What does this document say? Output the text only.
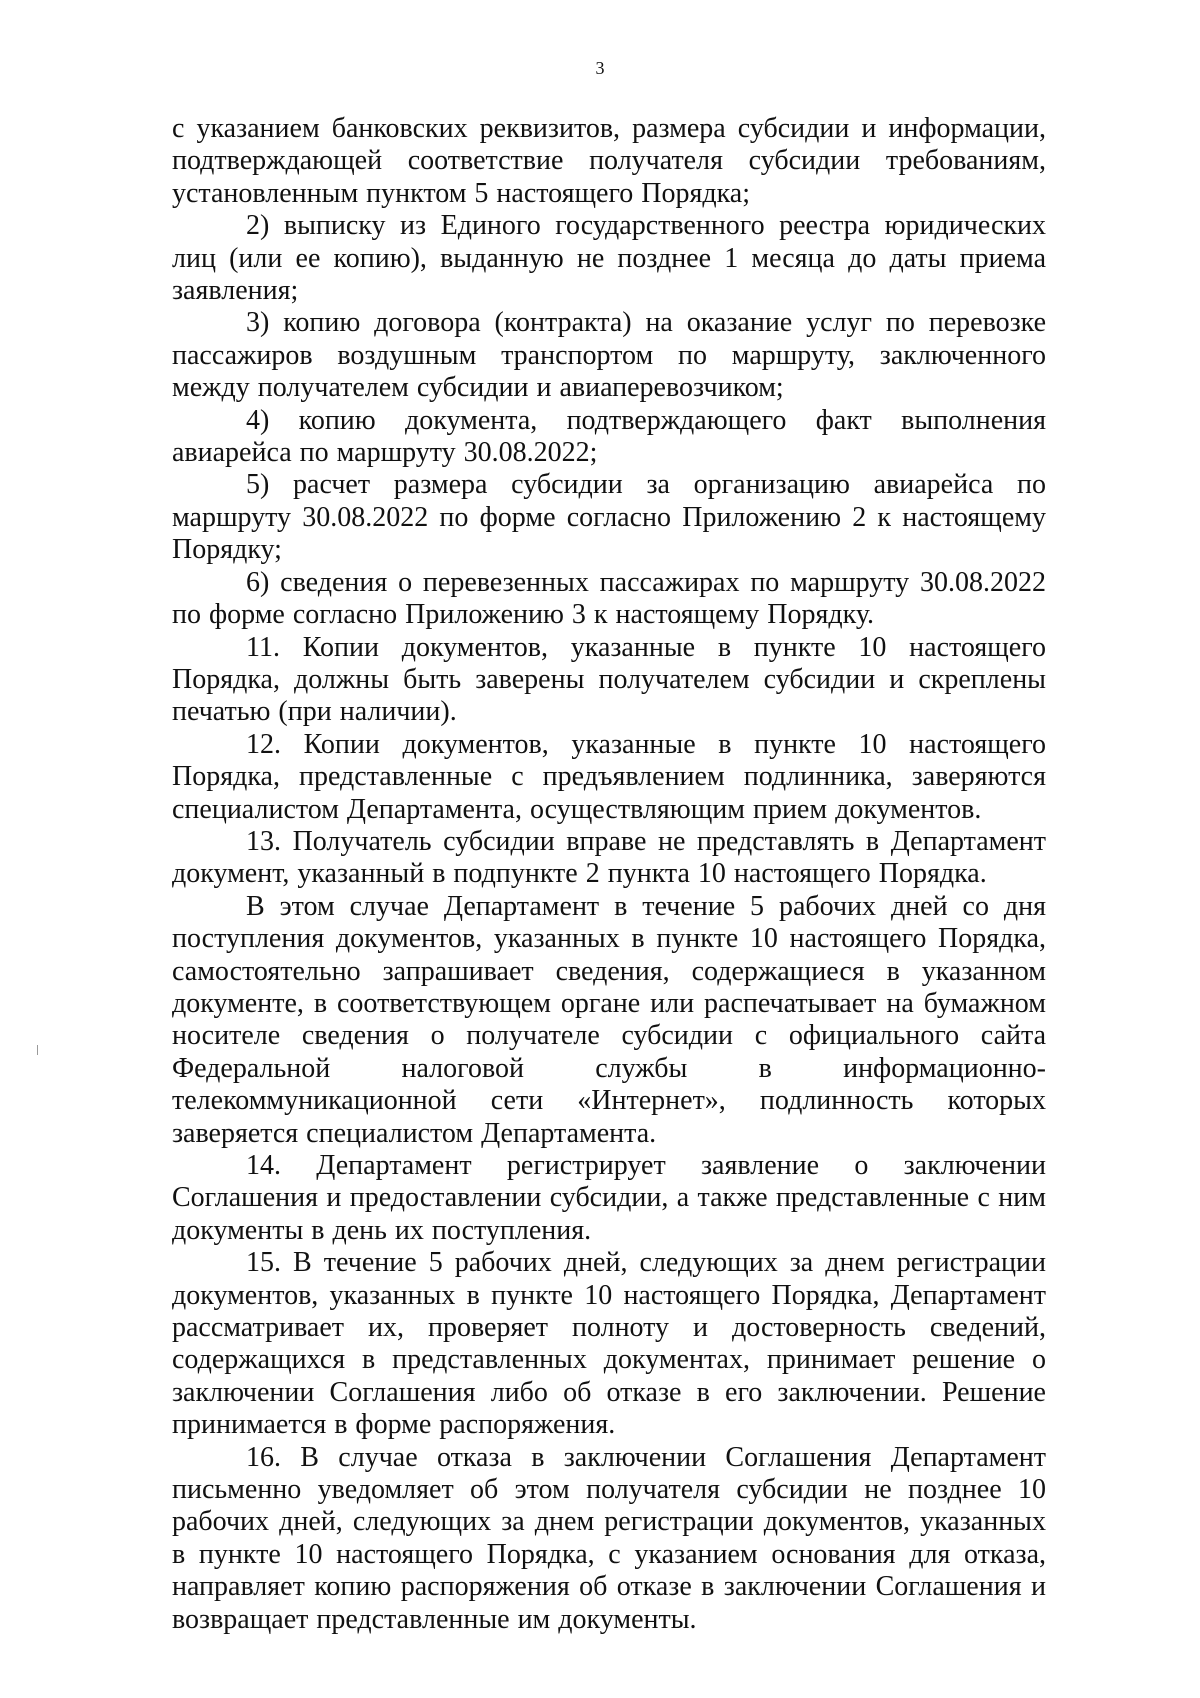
3

с указанием банковских реквизитов, размера субсидии и информации, подтверждающей соответствие получателя субсидии требованиям, установленным пунктом 5 настоящего Порядка;

2) выписку из Единого государственного реестра юридических лиц (или ее копию), выданную не позднее 1 месяца до даты приема заявления;

3) копию договора (контракта) на оказание услуг по перевозке пассажиров воздушным транспортом по маршруту, заключенного между получателем субсидии и авиаперевозчиком;

4) копию документа, подтверждающего факт выполнения авиарейса по маршруту 30.08.2022;

5) расчет размера субсидии за организацию авиарейса по маршруту 30.08.2022 по форме согласно Приложению 2 к настоящему Порядку;

6) сведения о перевезенных пассажирах по маршруту 30.08.2022 по форме согласно Приложению 3 к настоящему Порядку.

11. Копии документов, указанные в пункте 10 настоящего Порядка, должны быть заверены получателем субсидии и скреплены печатью (при наличии).

12. Копии документов, указанные в пункте 10 настоящего Порядка, представленные с предъявлением подлинника, заверяются специалистом Департамента, осуществляющим прием документов.

13. Получатель субсидии вправе не представлять в Департамент документ, указанный в подпункте 2 пункта 10 настоящего Порядка.

В этом случае Департамент в течение 5 рабочих дней со дня поступления документов, указанных в пункте 10 настоящего Порядка, самостоятельно запрашивает сведения, содержащиеся в указанном документе, в соответствующем органе или распечатывает на бумажном носителе сведения о получателе субсидии с официального сайта Федеральной налоговой службы в информационно-телекоммуникационной сети «Интернет», подлинность которых заверяется специалистом Департамента.

14. Департамент регистрирует заявление о заключении Соглашения и предоставлении субсидии, а также представленные с ним документы в день их поступления.

15. В течение 5 рабочих дней, следующих за днем регистрации документов, указанных в пункте 10 настоящего Порядка, Департамент рассматривает их, проверяет полноту и достоверность сведений, содержащихся в представленных документах, принимает решение о заключении Соглашения либо об отказе в его заключении. Решение принимается в форме распоряжения.

16. В случае отказа в заключении Соглашения Департамент письменно уведомляет об этом получателя субсидии не позднее 10 рабочих дней, следующих за днем регистрации документов, указанных в пункте 10 настоящего Порядка, с указанием основания для отказа, направляет копию распоряжения об отказе в заключении Соглашения и возвращает представленные им документы.
